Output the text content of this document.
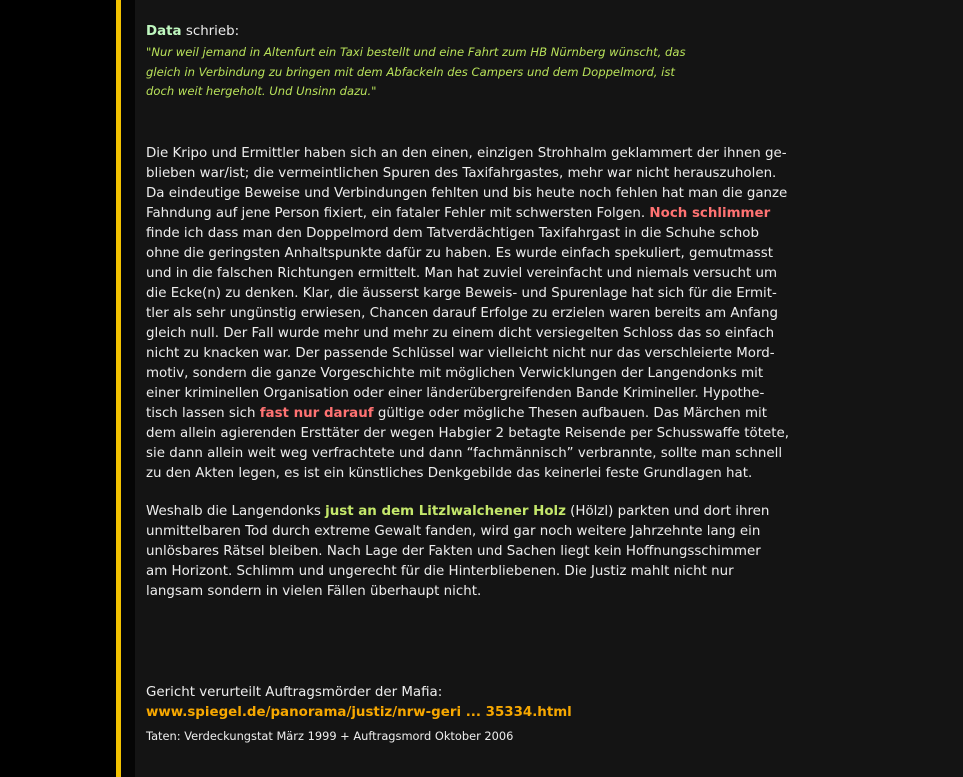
Data schrieb:
"Nur weil jemand in Altenfurt ein Taxi bestellt und eine Fahrt zum HB Nürnberg wünscht, das
gleich in Verbindung zu bringen mit dem Abfackeln des Campers und dem Doppelmord, ist
doch weit hergeholt. Und Unsinn dazu."
Die Kripo und Ermittler haben sich an den einen, einzigen Strohhalm geklammert der ihnen ge-
blieben war/ist; die vermeintlichen Spuren des Taxifahrgastes, mehr war nicht herauszuholen.
Da eindeutige Beweise und Verbindungen fehlten und bis heute noch fehlen hat man die ganze
Fahndung auf jene Person fixiert, ein fataler Fehler mit schwersten Folgen. Noch schlimmer
finde ich dass man den Doppelmord dem Tatverdächtigen Taxifahrgast in die Schuhe schob
ohne die geringsten Anhaltspunkte dafür zu haben. Es wurde einfach spekuliert, gemutmasst
und in die falschen Richtungen ermittelt. Man hat zuviel vereinfacht und niemals versucht um
die Ecke(n) zu denken. Klar, die äusserst karge Beweis- und Spurenlage hat sich für die Ermit-
tler als sehr ungünstig erwiesen, Chancen darauf Erfolge zu erzielen waren bereits am Anfang
gleich null. Der Fall wurde mehr und mehr zu einem dicht versiegelten Schloss das so einfach
nicht zu knacken war. Der passende Schlüssel war vielleicht nicht nur das verschleierte Mord-
motiv, sondern die ganze Vorgeschichte mit möglichen Verwicklungen der Langendonks mit
einer kriminellen Organisation oder einer länderübergreifenden Bande Krimineller. Hypothe-
tisch lassen sich fast nur darauf gültige oder mögliche Thesen aufbauen. Das Märchen mit
dem allein agierenden Ersttäter der wegen Habgier 2 betagte Reisende per Schusswaffe tötete,
sie dann allein weit weg verfrachtete und dann “fachmännisch” verbrannte, sollte man schnell
zu den Akten legen, es ist ein künstliches Denkgebilde das keinerlei feste Grundlagen hat.
Weshalb die Langendonks just an dem Litzlwalchener Holz (Hölzl) parkten und dort ihren
unmittelbaren Tod durch extreme Gewalt fanden, wird gar noch weitere Jahrzehnte lang ein
unlösbares Rätsel bleiben. Nach Lage der Fakten und Sachen liegt kein Hoffnungsschimmer
am Horizont. Schlimm und ungerecht für die Hinterbliebenen. Die Justiz mahlt nicht nur
langsam sondern in vielen Fällen überhaupt nicht.
Gericht verurteilt Auftragsmörder der Mafia:
www.spiegel.de/panorama/justiz/nrw-geri ... 35334.html
Taten: Verdeckungstat März 1999 + Auftragsmord Oktober 2006
